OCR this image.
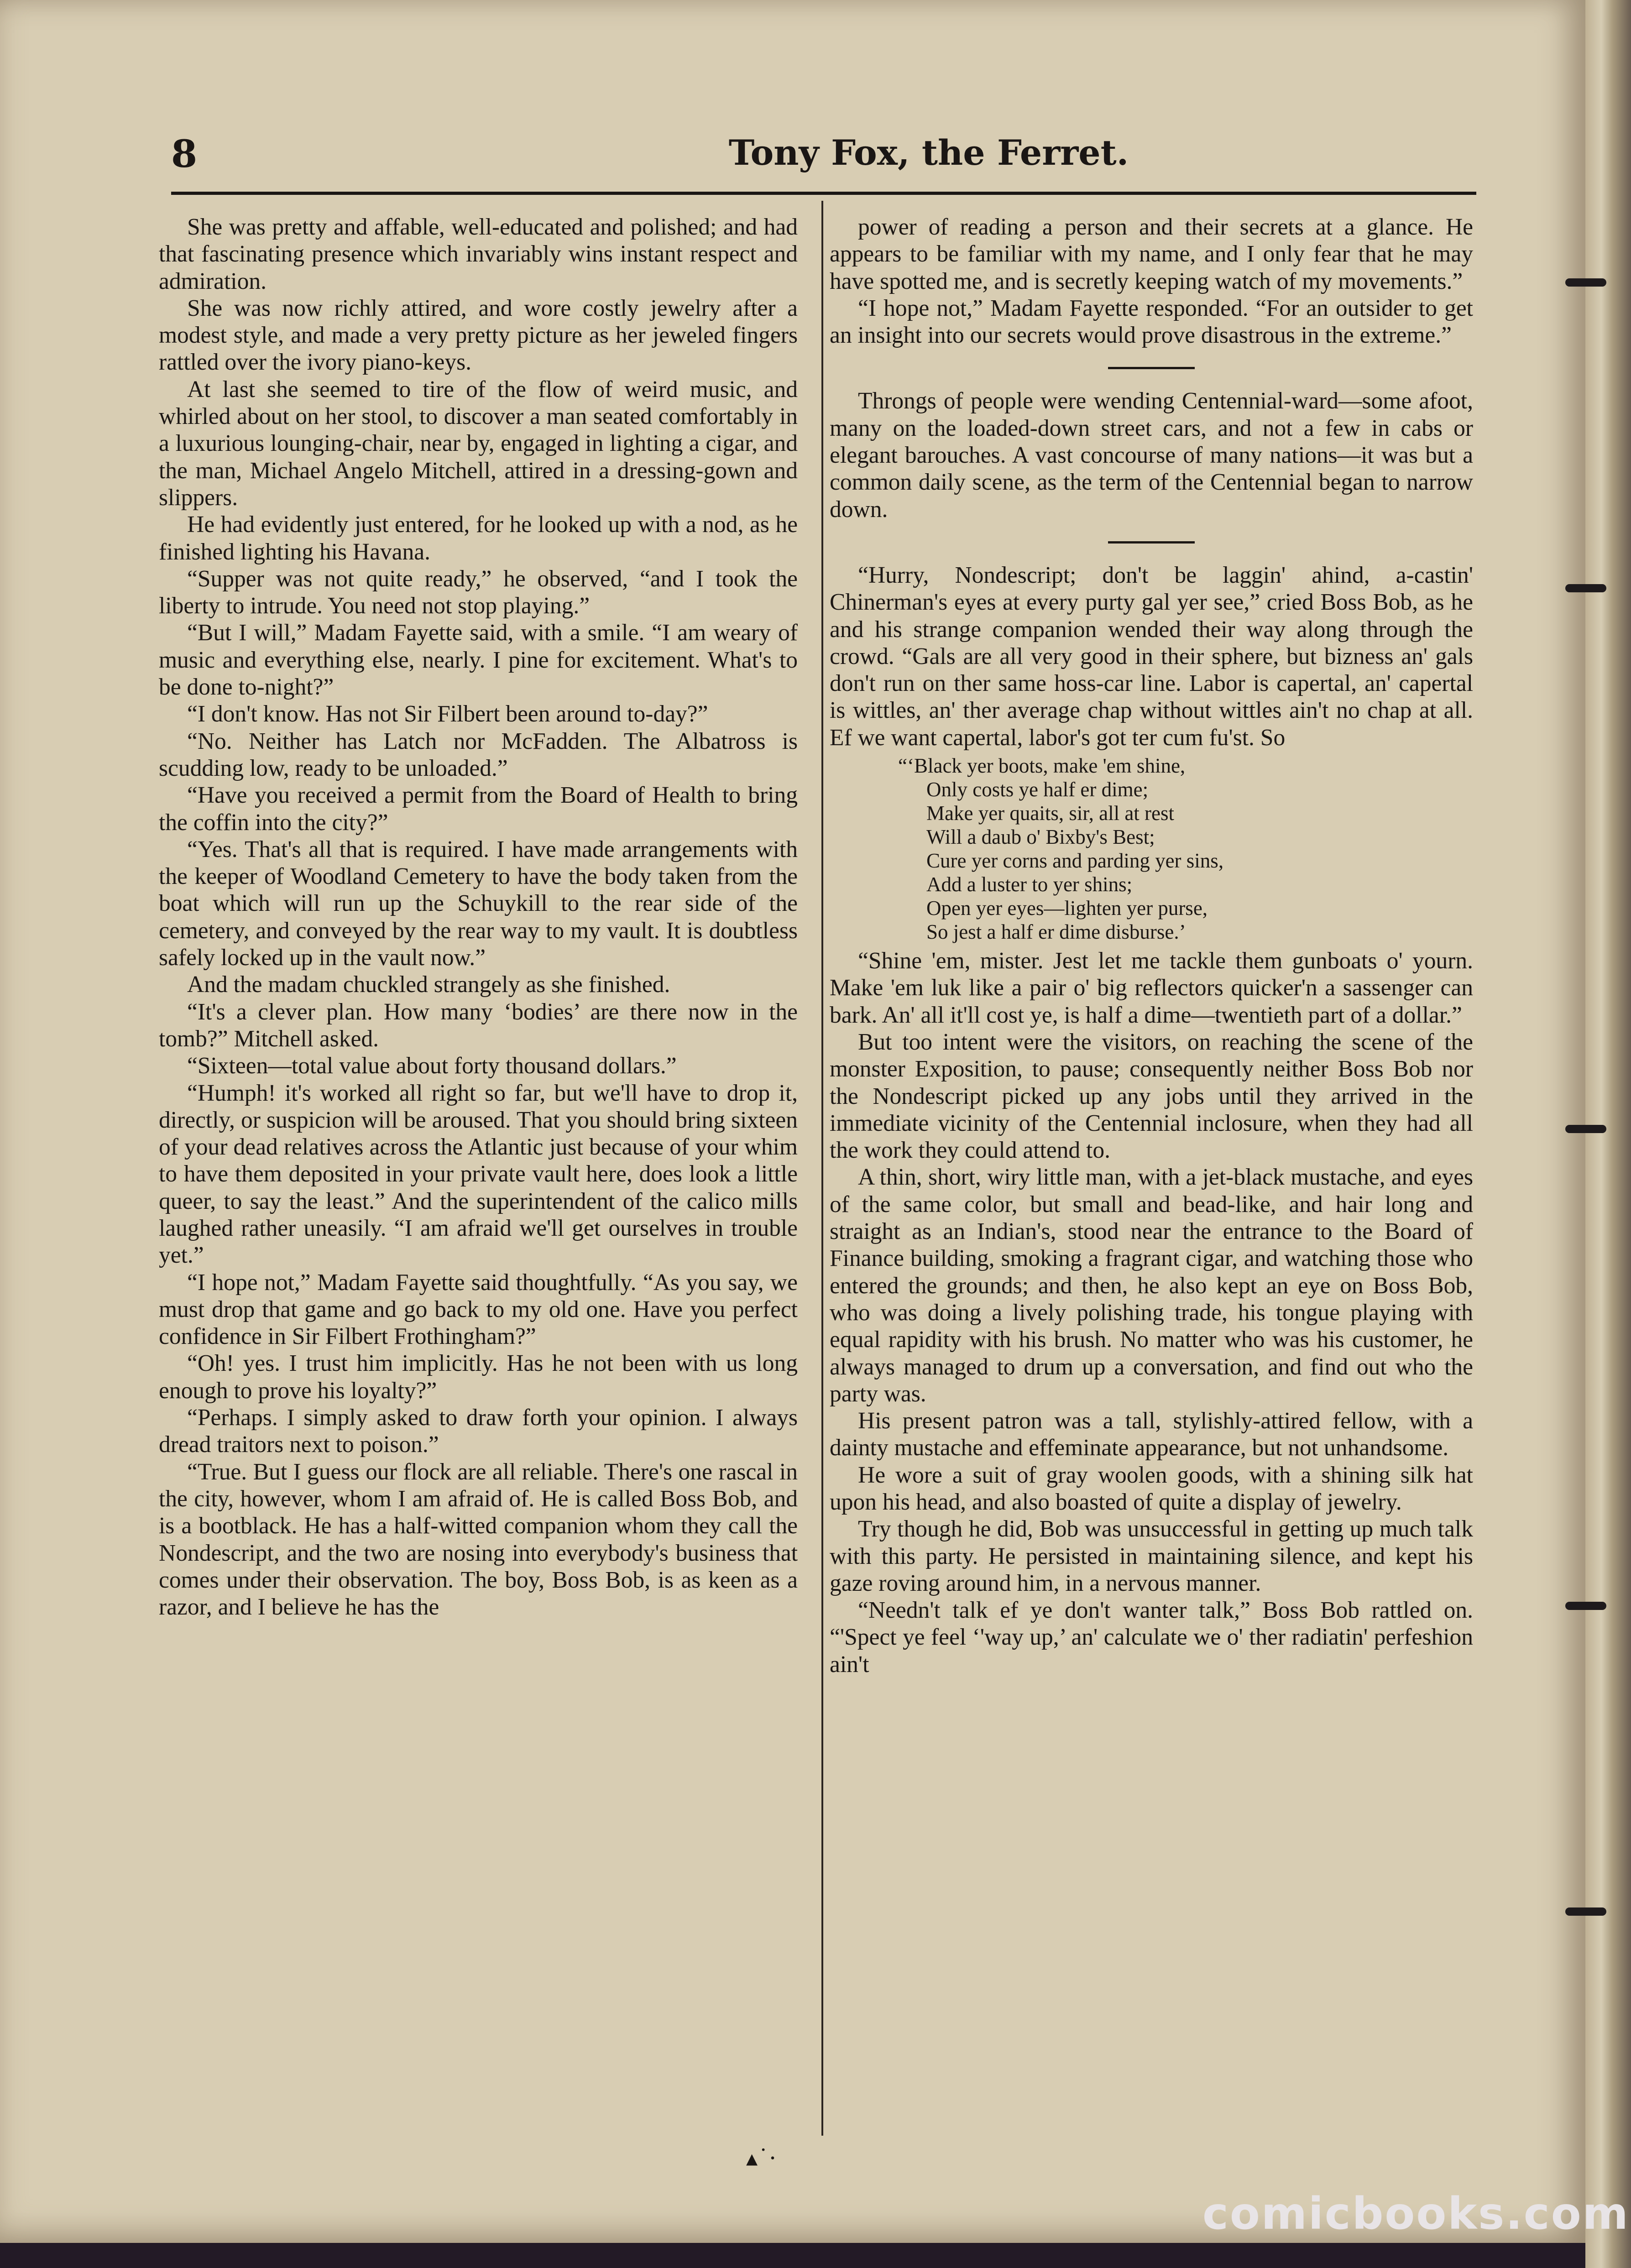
8	Tony Fox, the Ferret.

She was pretty and affable, well-educated and polished; and had that fascinating presence which invariably wins instant respect and admiration.

She was now richly attired, and wore costly jewelry after a modest style, and made a very pretty picture as her jeweled fingers rattled over the ivory piano-keys.

At last she seemed to tire of the flow of weird music, and whirled about on her stool, to discover a man seated comfortably in a luxurious lounging-chair, near by, engaged in lighting a cigar, and the man, Michael Angelo Mitchell, attired in a dressing-gown and slippers.

He had evidently just entered, for he looked up with a nod, as he finished lighting his Havana.

“Supper was not quite ready,” he observed, “and I took the liberty to intrude. You need not stop playing.”

“But I will,” Madam Fayette said, with a smile. “I am weary of music and everything else, nearly. I pine for excitement. What's to be done to-night?”

“I don't know. Has not Sir Filbert been around to-day?”

“No. Neither has Latch nor McFadden. The Albatross is scudding low, ready to be unloaded.”

“Have you received a permit from the Board of Health to bring the coffin into the city?”

“Yes. That's all that is required. I have made arrangements with the keeper of Woodland Cemetery to have the body taken from the boat which will run up the Schuykill to the rear side of the cemetery, and conveyed by the rear way to my vault. It is doubtless safely locked up in the vault now.”

And the madam chuckled strangely as she finished.

“It's a clever plan. How many ‘bodies’ are there now in the tomb?” Mitchell asked.

“Sixteen—total value about forty thousand dollars.”

“Humph! it's worked all right so far, but we'll have to drop it, directly, or suspicion will be aroused. That you should bring sixteen of your dead relatives across the Atlantic just because of your whim to have them deposited in your private vault here, does look a little queer, to say the least.” And the superintendent of the calico mills laughed rather uneasily. “I am afraid we'll get ourselves in trouble yet.”

“I hope not,” Madam Fayette said thoughtfully. “As you say, we must drop that game and go back to my old one. Have you perfect confidence in Sir Filbert Frothingham?”

“Oh! yes. I trust him implicitly. Has he not been with us long enough to prove his loyalty?”

“Perhaps. I simply asked to draw forth your opinion. I always dread traitors next to poison.”

“True. But I guess our flock are all reliable. There's one rascal in the city, however, whom I am afraid of. He is called Boss Bob, and is a bootblack. He has a half-witted companion whom they call the Nondescript, and the two are nosing into everybody's business that comes under their observation. The boy, Boss Bob, is as keen as a razor, and I believe he has the

power of reading a person and their secrets at a glance. He appears to be familiar with my name, and I only fear that he may have spotted me, and is secretly keeping watch of my movements.”

“I hope not,” Madam Fayette responded. “For an outsider to get an insight into our secrets would prove disastrous in the extreme.”

Throngs of people were wending Centennial-ward—some afoot, many on the loaded-down street cars, and not a few in cabs or elegant barouches. A vast concourse of many nations—it was but a common daily scene, as the term of the Centennial began to narrow down.

“Hurry, Nondescript; don't be laggin' ahind, a-castin' Chinerman's eyes at every purty gal yer see,” cried Boss Bob, as he and his strange companion wended their way along through the crowd. “Gals are all very good in their sphere, but bizness an' gals don't run on ther same hoss-car line. Labor is capertal, an' capertal is wittles, an' ther average chap without wittles ain't no chap at all. Ef we want capertal, labor's got ter cum fu'st. So

“‘Black yer boots, make 'em shine,
Only costs ye half er dime;
Make yer quaits, sir, all at rest
Will a daub o' Bixby's Best;
Cure yer corns and parding yer sins,
Add a luster to yer shins;
Open yer eyes—lighten yer purse,
So jest a half er dime disburse.’

“Shine 'em, mister. Jest let me tackle them gunboats o' yourn. Make 'em luk like a pair o' big reflectors quicker'n a sassenger can bark. An' all it'll cost ye, is half a dime—twentieth part of a dollar.”

But too intent were the visitors, on reaching the scene of the monster Exposition, to pause; consequently neither Boss Bob nor the Nondescript picked up any jobs until they arrived in the immediate vicinity of the Centennial inclosure, when they had all the work they could attend to.

A thin, short, wiry little man, with a jet-black mustache, and eyes of the same color, but small and bead-like, and hair long and straight as an Indian's, stood near the entrance to the Board of Finance building, smoking a fragrant cigar, and watching those who entered the grounds; and then, he also kept an eye on Boss Bob, who was doing a lively polishing trade, his tongue playing with equal rapidity with his brush. No matter who was his customer, he always managed to drum up a conversation, and find out who the party was.

His present patron was a tall, stylishly-attired fellow, with a dainty mustache and effeminate appearance, but not unhandsome.

He wore a suit of gray woolen goods, with a shining silk hat upon his head, and also boasted of quite a display of jewelry.

Try though he did, Bob was unsuccessful in getting up much talk with this party. He persisted in maintaining silence, and kept his gaze roving around him, in a nervous manner.

“Needn't talk ef ye don't wanter talk,” Boss Bob rattled on. “'Spect ye feel ‘'way up,’ an' calculate we o' ther radiatin' perfeshion ain't

▴˙·
comicbooks.com
